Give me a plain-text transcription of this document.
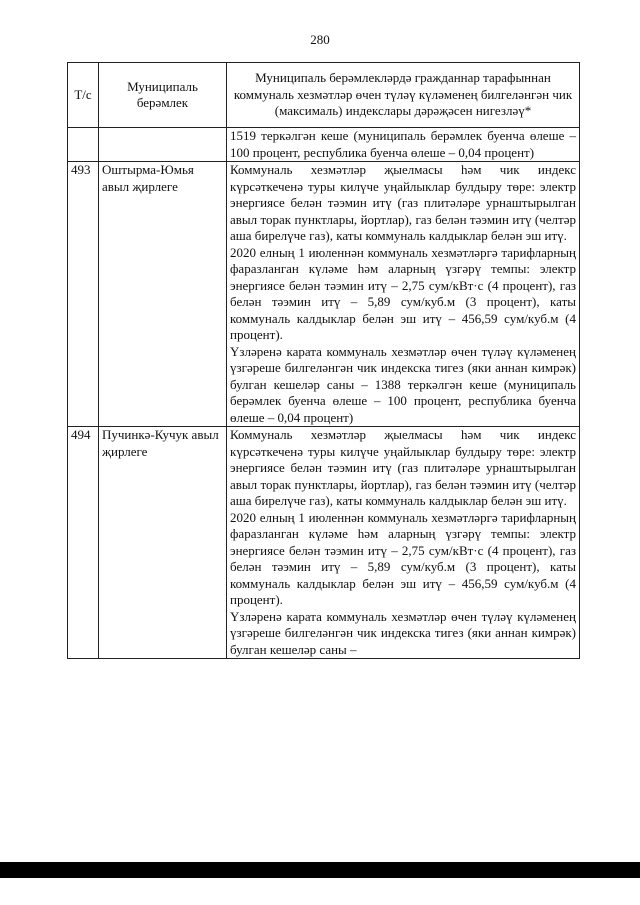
280
Т/с	Муниципаль берәмлек	Муниципаль берәмлекләрдә гражданнар тарафыннан коммуналь хезмәтләр өчен түләү күләменең билгеләнгән чик (максималь) индекслары дәрәҗәсен нигезләү*
		1519 теркәлгән кеше (муниципаль берәмлек буенча өлеше – 100 процент, республика буенча өлеше – 0,04 процент)
493	Оштырма-Юмья авыл җирлеге	Коммуналь хезмәтләр җыелмасы һәм чик индекс күрсәткеченә туры килүче уңайлыклар булдыру төре: электр энергиясе белән тәэмин итү (газ плитәләре урнаштырылган авыл торак пунктлары, йортлар), газ белән тәэмин итү (челтәр аша бирелүче газ), каты коммуналь калдыклар белән эш итү.

2020 елның 1 июленнән коммуналь хезмәтләргә тарифларның фаразланган күләме һәм аларның үзгәрү темпы: электр энергиясе белән тәэмин итү – 2,75 сум/кВт·с (4 процент), газ белән тәэмин итү – 5,89 сум/куб.м (3 процент), каты коммуналь калдыклар белән эш итү – 456,59 сум/куб.м (4 процент).

Үзләренә карата коммуналь хезмәтләр өчен түләү күләменең үзгәреше билгеләнгән чик индекска тигез (яки аннан кимрәк) булган кешеләр саны – 1388 теркәлгән кеше (муниципаль берәмлек буенча өлеше – 100 процент, республика буенча өлеше – 0,04 процент)

494	Пучинкә-Кучук авыл җирлеге	Коммуналь хезмәтләр җыелмасы һәм чик индекс күрсәткеченә туры килүче уңайлыклар булдыру төре: электр энергиясе белән тәэмин итү (газ плитәләре урнаштырылган авыл торак пунктлары, йортлар), газ белән тәэмин итү (челтәр аша бирелүче газ), каты коммуналь калдыклар белән эш итү.

2020 елның 1 июленнән коммуналь хезмәтләргә тарифларның фаразланган күләме һәм аларның үзгәрү темпы: электр энергиясе белән тәэмин итү – 2,75 сум/кВт·с (4 процент), газ белән тәэмин итү – 5,89 сум/куб.м (3 процент), каты коммуналь калдыклар белән эш итү – 456,59 сум/куб.м (4 процент).

Үзләренә карата коммуналь хезмәтләр өчен түләү күләменең үзгәреше билгеләнгән чик индекска тигез (яки аннан кимрәк) булган кешеләр саны –
